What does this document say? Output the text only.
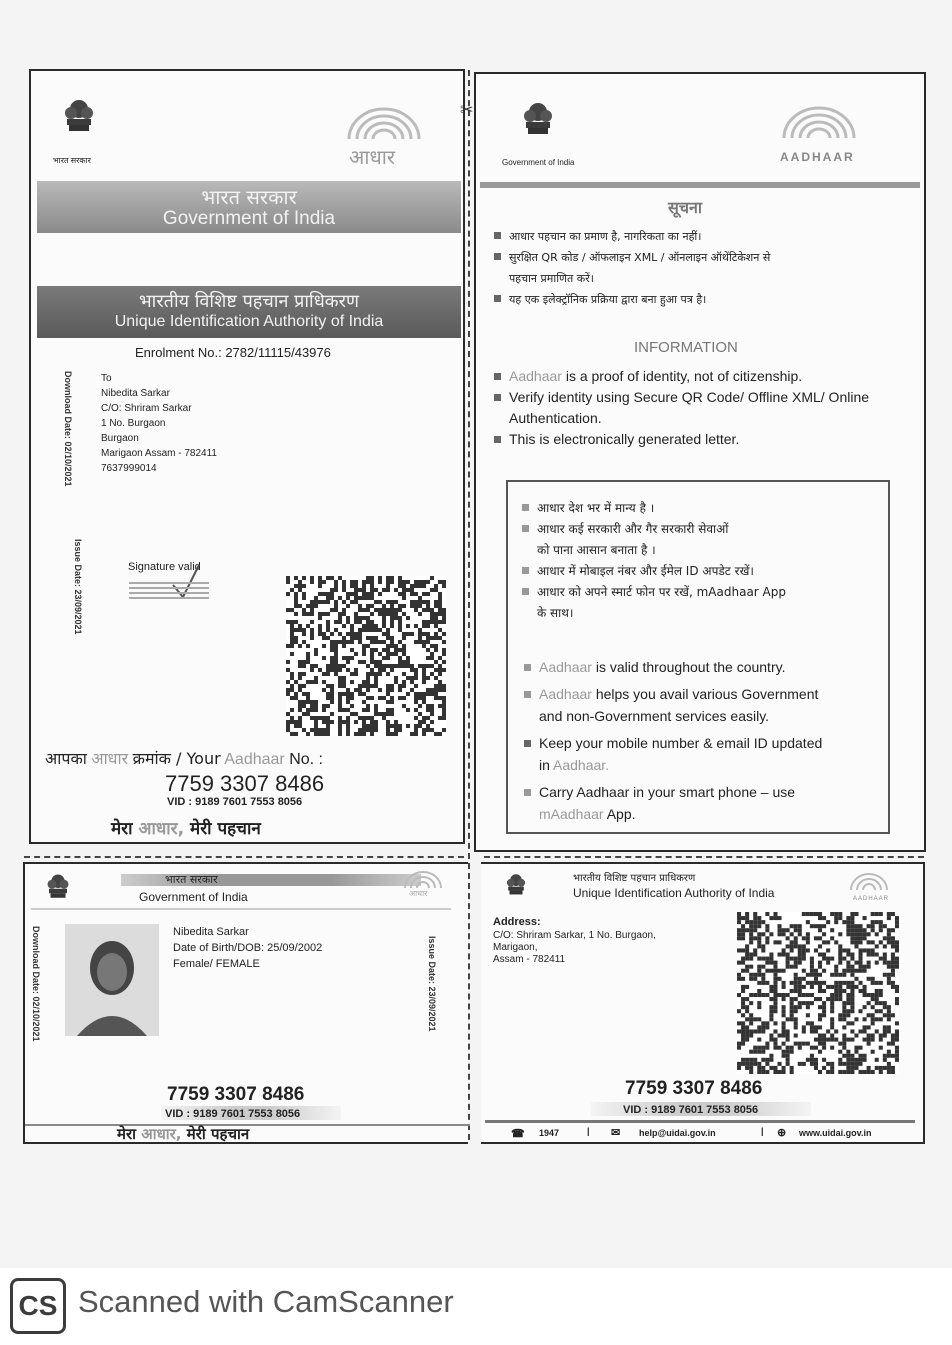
भारत सरकार	आधार
भारत सरकार
Government of India
भारतीय विशिष्ट पहचान प्राधिकरण
Unique Identification Authority of India
Enrolment No.: 2782/11115/43976
To
Nibedita Sarkar
C/O: Shriram Sarkar
1 No. Burgaon
Burgaon
Marigaon Assam - 782411
7637999014
Download Date: 02/10/2021
Issue Date: 23/09/2021	Signature valid
आपका आधार क्रमांक / Your Aadhaar No. :
7759 3307 8486
VID : 9189 7601 7553 8056
मेरा आधार, मेरी पहचान
Government of India	AADHAAR
सूचना
आधार पहचान का प्रमाण है, नागरिकता का नहीं।
सुरक्षित QR कोड / ऑफलाइन XML / ऑनलाइन ऑथेंटिकेशन से
पहचान प्रमाणित करें।
यह एक इलेक्ट्रॉनिक प्रक्रिया द्वारा बना हुआ पत्र है।
INFORMATION
Aadhaar is a proof of identity, not of citizenship.
Verify identity using Secure QR Code/ Offline XML/ Online
Authentication.
This is electronically generated letter.
आधार देश भर में मान्य है ।
आधार कई सरकारी और गैर सरकारी सेवाओं
को पाना आसान बनाता है ।
आधार में मोबाइल नंबर और ईमेल ID अपडेट रखें।
आधार को अपने स्मार्ट फोन पर रखें, mAadhaar App
के साथ।
Aadhaar is valid throughout the country.
Aadhaar helps you avail various Government
and non-Government services easily.
Keep your mobile number & email ID updated
in Aadhaar.
Carry Aadhaar in your smart phone – use
mAadhaar App.
✂
भारत सरकार
Government of India	आधार
Download Date: 02/10/2021	Issue Date: 23/09/2021
Nibedita Sarkar
Date of Birth/DOB: 25/09/2002
Female/ FEMALE
7759 3307 8486
VID : 9189 7601 7553 8056
मेरा आधार, मेरी पहचान
भारतीय विशिष्ट पहचान प्राधिकरण
Unique Identification Authority of India	AADHAAR
Address:
C/O: Shriram Sarkar, 1 No. Burgaon,
Marigaon,
Assam - 782411
7759 3307 8486
VID : 9189 7601 7553 8056
☎ 1947	| ✉ help@uidai.gov.in	| ⊕ www.uidai.gov.in
CS Scanned with CamScanner
